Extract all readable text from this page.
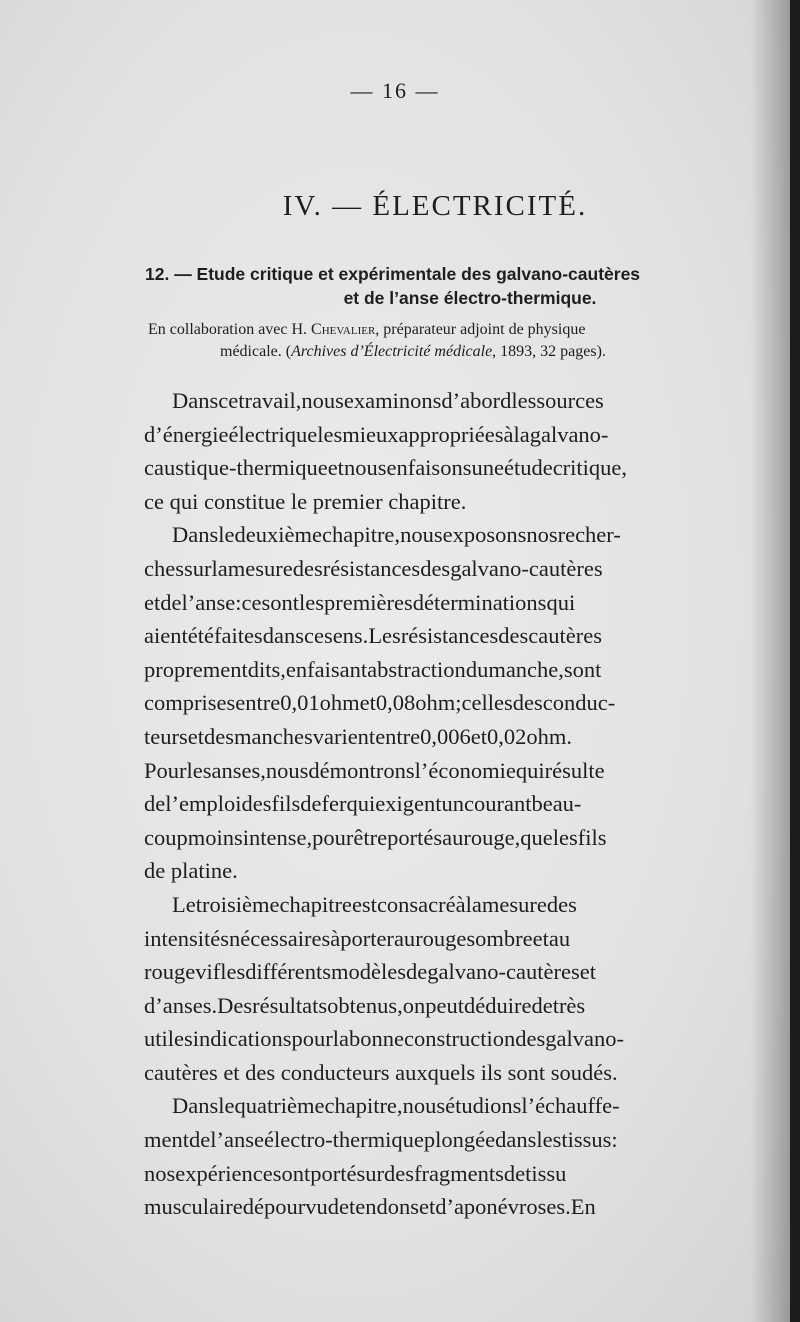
— 16 —
IV. — ÉLECTRICITÉ.
12. — Etude critique et expérimentale des galvano-cautères
et de l’anse électro-thermique.
En collaboration avec H. Chevalier, préparateur adjoint de physique
médicale. (Archives d’Électricité médicale, 1893, 32 pages).
Danscetravail,nousexaminonsd’abordlessources
d’énergieélectriquelesmieuxappropriéesàlagalvano-
caustique-thermiqueetnousenfaisonsuneétudecritique,
ce qui constitue le premier chapitre.
Dansledeuxièmechapitre,nousexposonsnosrecher-
chessurlamesuredesrésistancesdesgalvano-cautères
etdel’anse:cesontlespremièresdéterminationsqui
aientétéfaitesdanscesens.Lesrésistancesdescautères
proprementdits,enfaisantabstractiondumanche,sont
comprisesentre0,01ohmet0,08ohm;cellesdesconduc-
teursetdesmanchesvariententre0,006et0,02ohm.
Pourlesanses,nousdémontronsl’économiequirésulte
del’emploidesfilsdeferquiexigentuncourantbeau-
coupmoinsintense,pourêtreportésaurouge,quelesfils
de platine.
Letroisièmechapitreestconsacréàlamesuredes
intensitésnécessairesàporteraurougesombreetau
rougeviflesdifférentsmodèlesdegalvano-cautèreset
d’anses.Desrésultatsobtenus,onpeutdéduiredetrès
utilesindicationspourlabonneconstructiondesgalvano-
cautères et des conducteurs auxquels ils sont soudés.
Danslequatrièmechapitre,nousétudionsl’échauffe-
mentdel’anseélectro-thermiqueplongéedanslestissus:
nosexpériencesontportésurdesfragmentsdetissu
musculairedépourvudetendonsetd’aponévroses.En
